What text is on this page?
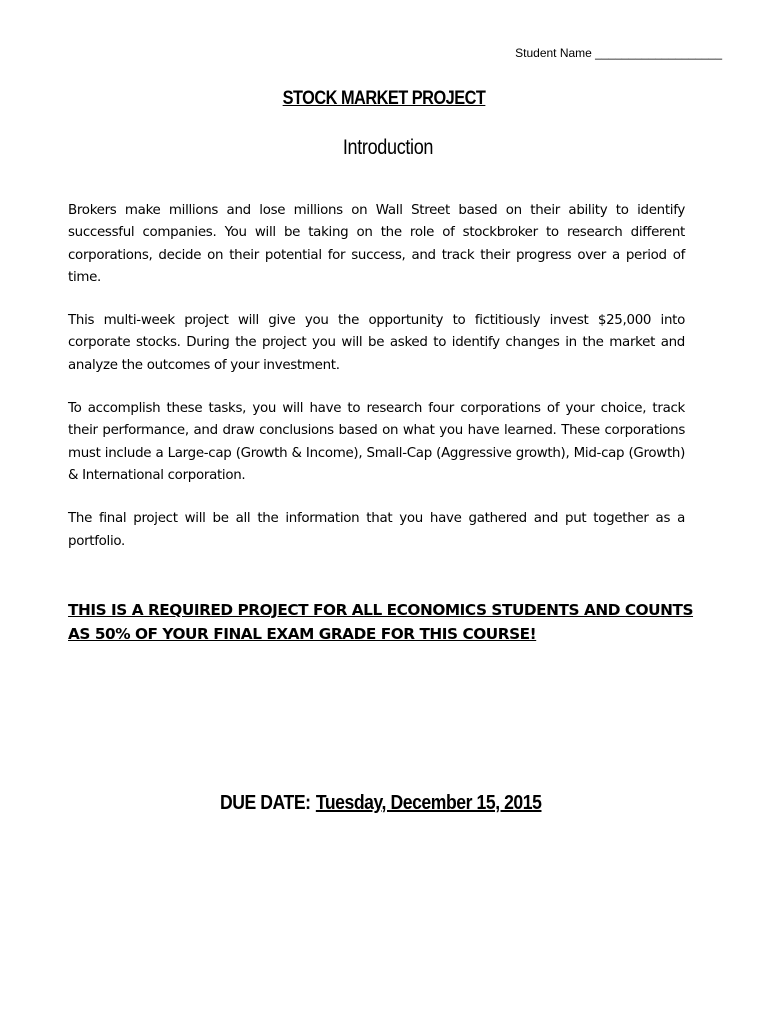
Student Name ___________________
STOCK MARKET PROJECT
Introduction

Brokers make millions and lose millions on Wall Street based on their ability to identify successful companies. You will be taking on the role of stockbroker to research different corporations, decide on their potential for success, and track their progress over a period of time.

This multi-week project will give you the opportunity to fictitiously invest $25,000 into corporate stocks. During the project you will be asked to identify changes in the market and analyze the outcomes of your investment.

To accomplish these tasks, you will have to research four corporations of your choice, track their performance, and draw conclusions based on what you have learned. These corporations must include a Large-cap (Growth & Income), Small-Cap (Aggressive growth), Mid-cap (Growth) & International corporation.

The final project will be all the information that you have gathered and put together as a portfolio.

THIS IS A REQUIRED PROJECT FOR ALL ECONOMICS STUDENTS AND COUNTS
AS 50% OF YOUR FINAL EXAM GRADE FOR THIS COURSE!
DUE DATE: Tuesday, December 15, 2015
